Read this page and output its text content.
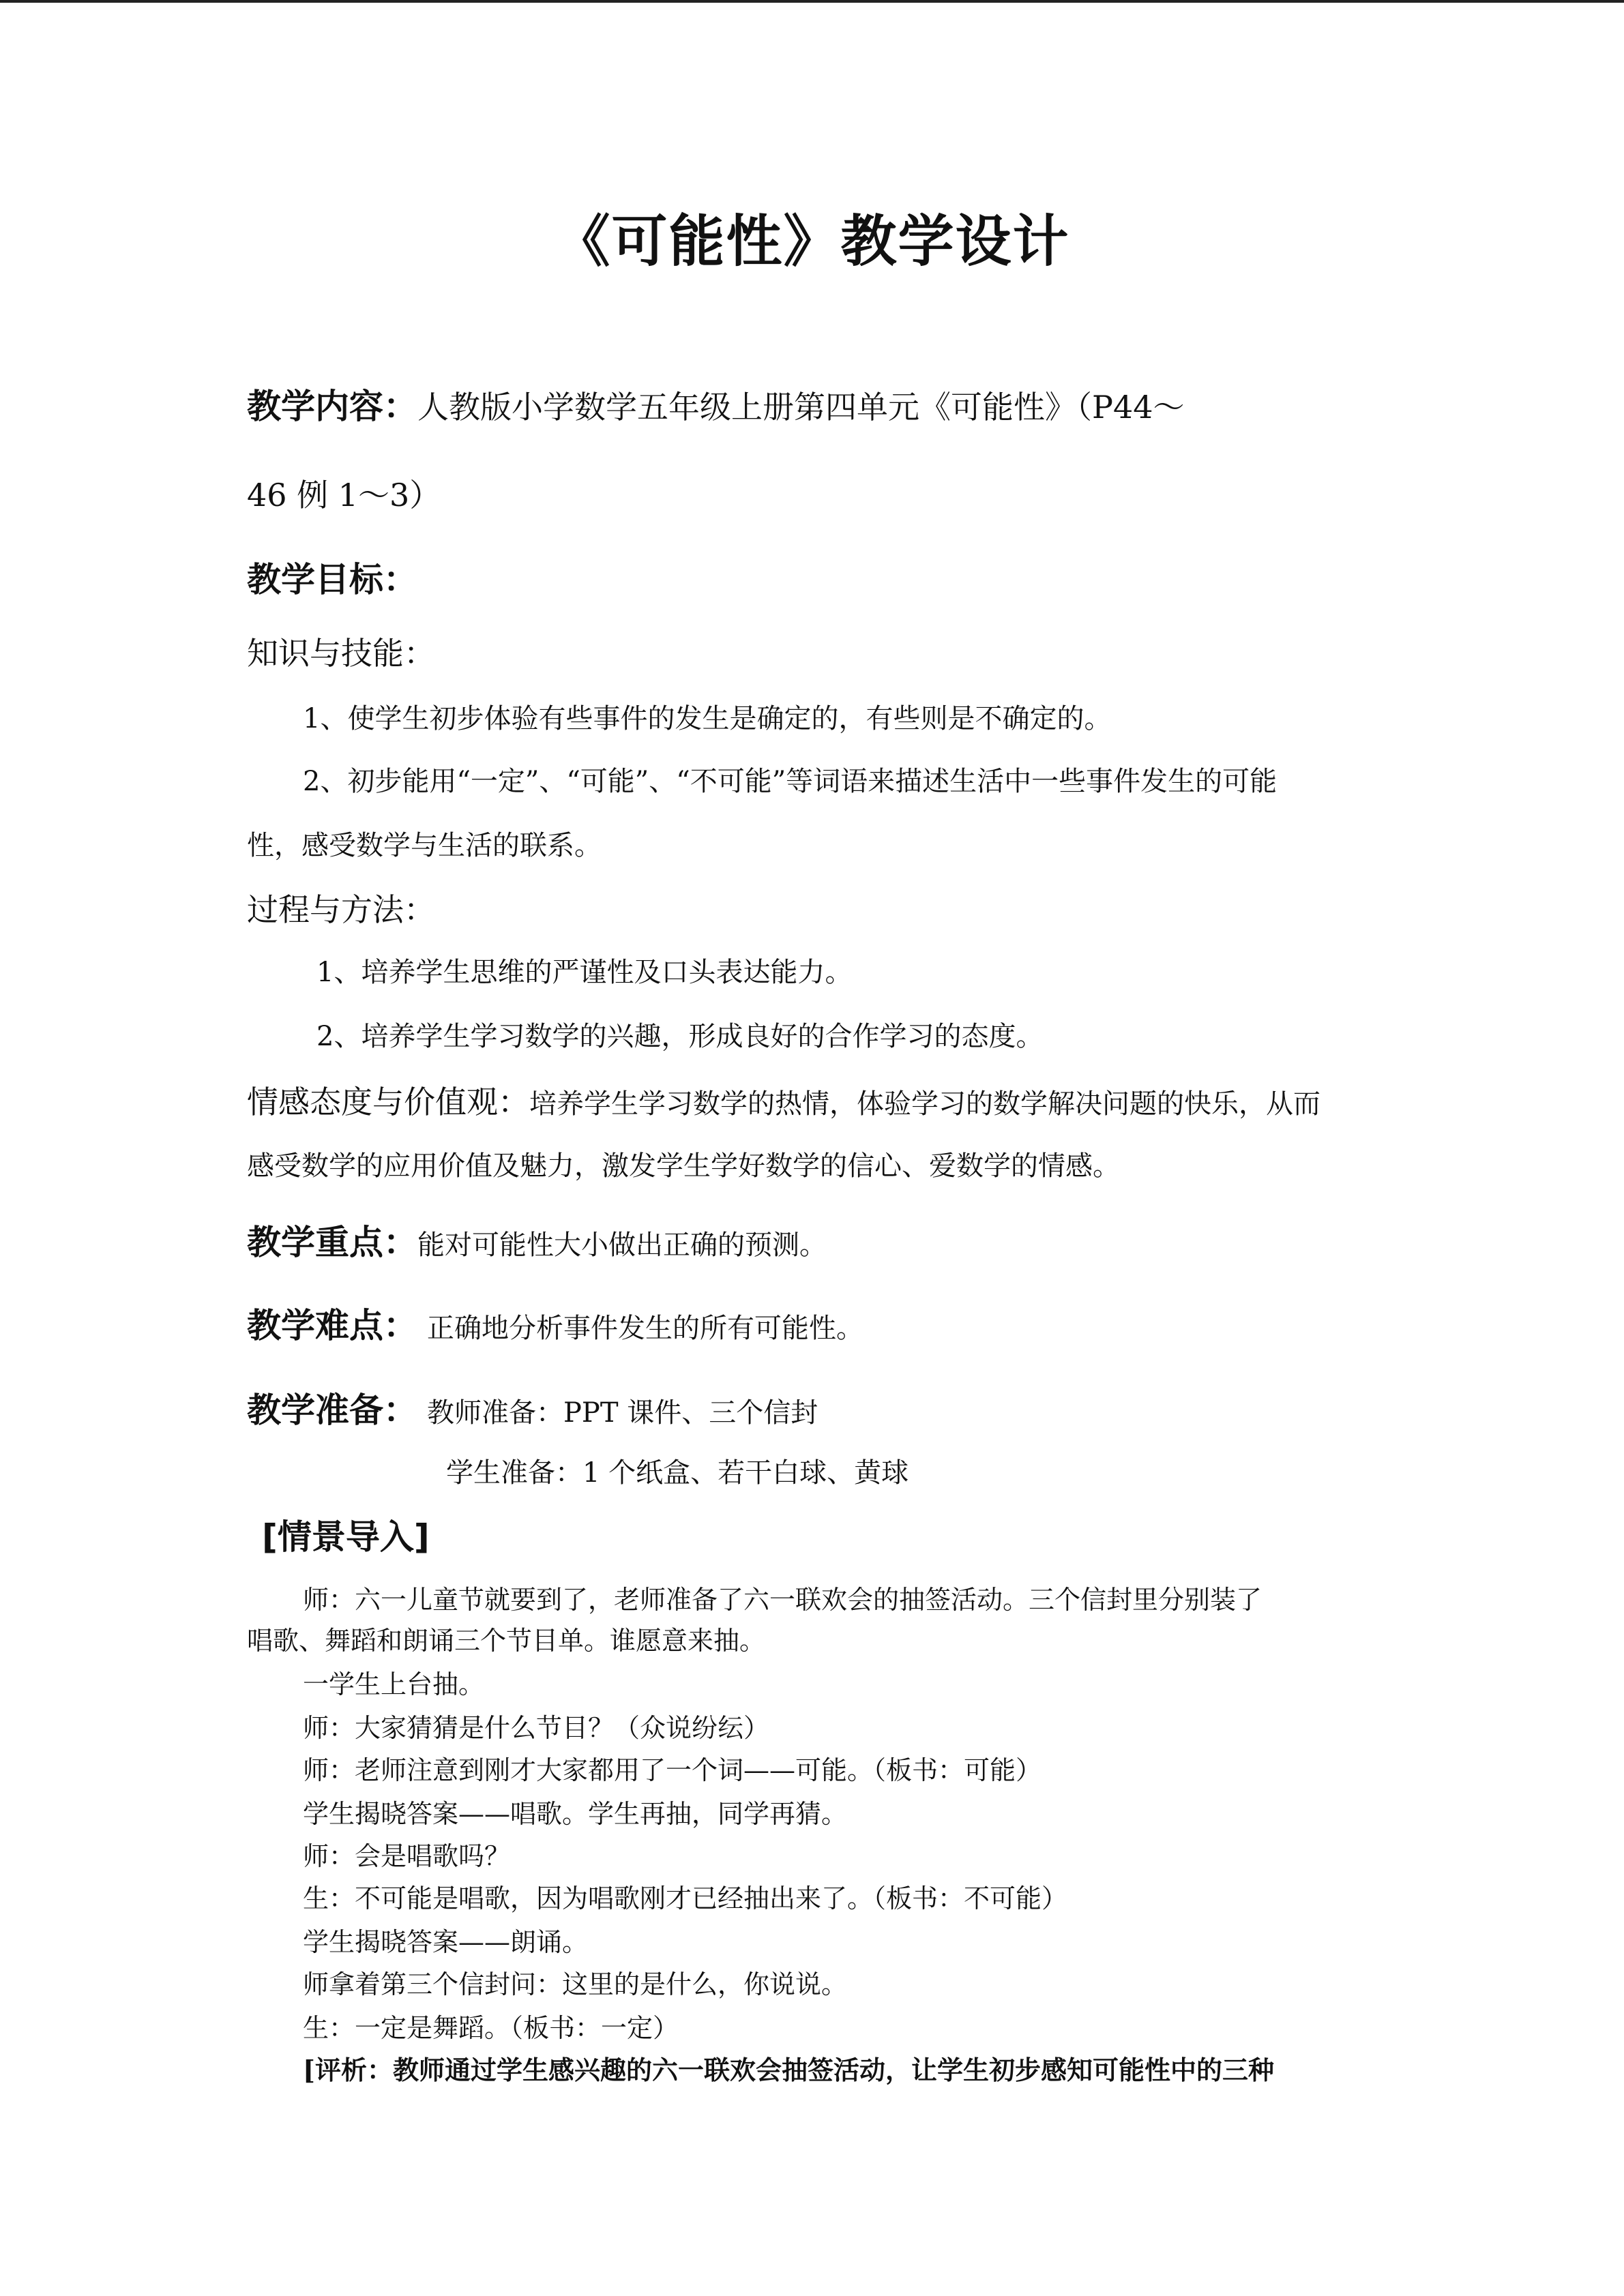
《可能性》教学设计
教学内容：人教版小学数学五年级上册第四单元《可能性》（P44～
46 例 1～3）
教学目标：
知识与技能：
1、使学生初步体验有些事件的发生是确定的，有些则是不确定的。
2、初步能用“一定”、“可能”、“不可能”等词语来描述生活中一些事件发生的可能
性，感受数学与生活的联系。
过程与方法：
1、培养学生思维的严谨性及口头表达能力。
2、培养学生学习数学的兴趣，形成良好的合作学习的态度。
情感态度与价值观：培养学生学习数学的热情，体验学习的数学解决问题的快乐，从而
感受数学的应用价值及魅力，激发学生学好数学的信心、爱数学的情感。
教学重点：能对可能性大小做出正确的预测。
教学难点： 正确地分析事件发生的所有可能性。
教学准备： 教师准备：PPT 课件、三个信封
学生准备：1 个纸盒、若干白球、黄球
[情景导入]
师：六一儿童节就要到了，老师准备了六一联欢会的抽签活动。三个信封里分别装了
唱歌、舞蹈和朗诵三个节目单。谁愿意来抽。
一学生上台抽。
师：大家猜猜是什么节目？（众说纷纭）
师：老师注意到刚才大家都用了一个词——可能。（板书：可能）
学生揭晓答案——唱歌。学生再抽，同学再猜。
师：会是唱歌吗？
生：不可能是唱歌，因为唱歌刚才已经抽出来了。（板书：不可能）
学生揭晓答案——朗诵。
师拿着第三个信封问：这里的是什么，你说说。
生：一定是舞蹈。（板书：一定）
[评析：教师通过学生感兴趣的六一联欢会抽签活动，让学生初步感知可能性中的三种
